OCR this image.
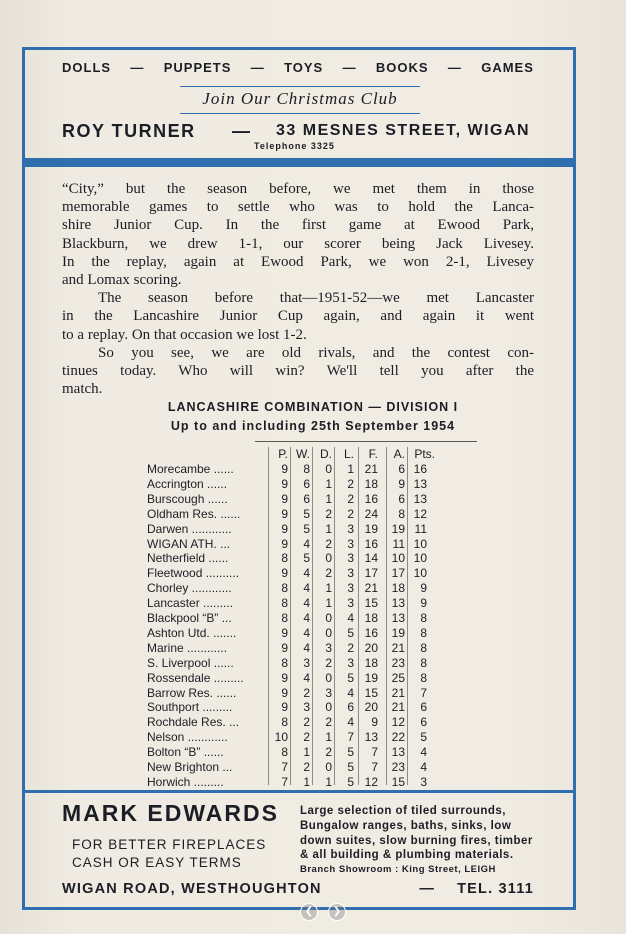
DOLLS — PUPPETS — TOYS — BOOKS — GAMES
Join Our Christmas Club
ROY TURNER — 33 MESNES STREET, WIGAN
Telephone 3325
“City,” but the season before, we met them in those
memorable games to settle who was to hold the Lanca-
shire Junior Cup. In the first game at Ewood Park,
Blackburn, we drew 1-1, our scorer being Jack Livesey.
In the replay, again at Ewood Park, we won 2-1, Livesey
and Lomax scoring.
The season before that—1951-52—we met Lancaster
in the Lancashire Junior Cup again, and again it went
to a replay. On that occasion we lost 1-2.
So you see, we are old rivals, and the contest con-
tinues today. Who will win? We'll tell you after the
match.
LANCASHIRE COMBINATION — DIVISION I
Up to and including 25th September 1954
P. W. D. L.	F.	A. Pts.
Morecambe ......	9	8	0	1 21	6 16
Accrington ......	9	6	1	2 18	9 13
Burscough ......	9	6	1	2 16	6 13
Oldham Res. ......	9	5	2	2 24	8 12
Darwen ............	9	5	1	3 19	19 11
WIGAN ATH. ...	9	4	2	3 16	11 10
Netherfield ......	8	5	0	3 14	10 10
Fleetwood ..........	9	4	2	3 17	17 10
Chorley ............	8	4	1	3 21	18	9
Lancaster .........	8	4	1	3 15	13	9
Blackpool “B” ...	8	4	0	4 18	13	8
Ashton Utd. .......	9	4	0	5 16	19	8
Marine ............	9	4	3	2 20	21	8
S. Liverpool ......	8	3	2	3 18	23	8
Rossendale .........	9	4	0	5 19	25	8
Barrow Res. ......	9	2	3	4 15	21	7
Southport .........	9	3	0	6 20	21	6
Rochdale Res. ...	8	2	2	4	9	12	6
Nelson ............	10	2	1	7 13	22	5
Bolton “B” ......	8	1	2	5	7	13	4
New Brighton ...	7	2	0	5	7	23	4
Horwich .........	7	1	1	5 12	15	3
MARK EDWARDS
FOR BETTER FIREPLACES
CASH OR EASY TERMS
Large selection of tiled surrounds,
Bungalow ranges, baths, sinks, low
down suites, slow burning fires, timber
& all building & plumbing materials.
Branch Showroom : King Street, LEIGH
WIGAN ROAD, WESTHOUGHTON	— TEL. 3111
❮	❯
